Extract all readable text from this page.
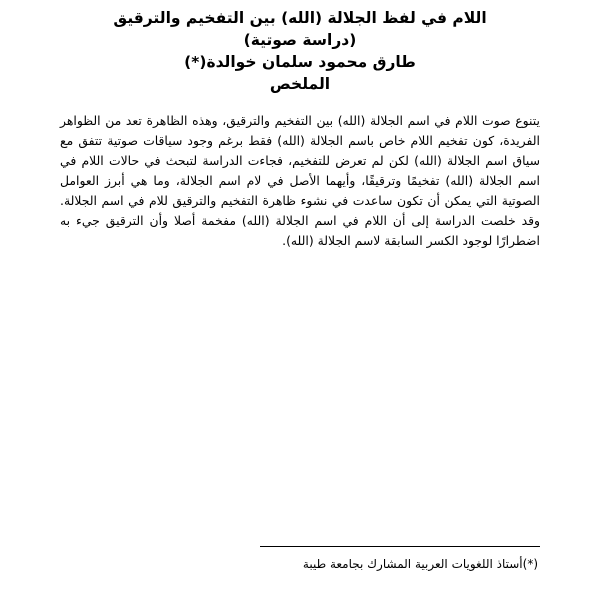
اللام في لفظ الجلالة (الله) بين التفخيم والترقيق
(دراسة صوتية)
طارق محمود سلمان خوالدة(*)
الملخص

يتنوع صوت اللام في اسم الجلالة (الله) بين التفخيم والترقيق، وهذه الظاهرة تعد من الظواهر الفريدة، كون تفخيم اللام خاص باسم الجلالة (الله) فقط برغم وجود سياقات صوتية تتفق مع سياق اسم الجلالة (الله) لكن لم تعرض للتفخيم، فجاءت الدراسة لتبحث في حالات اللام في اسم الجلالة (الله) تفخيمًا وترقيقًا، وأيهما الأصل في لام اسم الجلالة، وما هي أبرز العوامل الصوتية التي يمكن أن تكون ساعدت في نشوء ظاهرة التفخيم والترقيق للام في اسم الجلالة. وقد خلصت الدراسة إلى أن اللام في اسم الجلالة (الله) مفخمة أصلا وأن الترقيق جيء به اضطرارًا لوجود الكسر السابقة لاسم الجلالة (الله).

(*)أستاذ اللغويات العربية المشارك بجامعة طيبة
